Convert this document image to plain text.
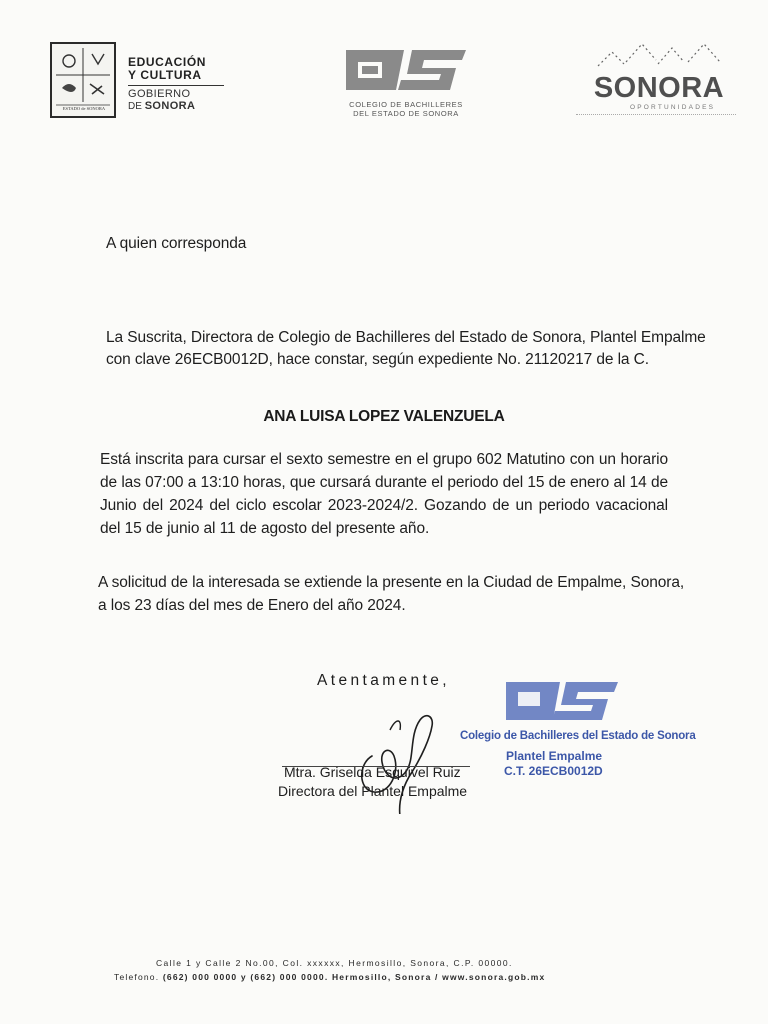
ESTADO de SONORA
EDUCACIÓN
Y CULTURA
GOBIERNO
DE SONORA	COLEGIO DE BACHILLERES
DEL ESTADO DE SONORA
SONORA
OPORTUNIDADES

A quien corresponda

La Suscrita, Directora de Colegio de Bachilleres del Estado de Sonora, Plantel Empalme
con clave 26ECB0012D, hace constar, según expediente No. 21120217 de la C.

ANA LUISA LOPEZ VALENZUELA

Está inscrita para cursar el sexto semestre en el grupo 602 Matutino con un horario de las 07:00 a 13:10 horas, que cursará durante el periodo del 15 de enero al 14 de Junio del 2024 del ciclo escolar 2023-2024/2. Gozando de un periodo vacacional del 15 de junio al 11 de agosto del presente año.

A solicitud de la interesada se extiende la presente en la Ciudad de Empalme, Sonora,
a los 23 días del mes de Enero del año 2024.

Atentamente,

Mtra. Griselda Esquivel Ruiz

Directora del Plantel Empalme

Colegio de Bachilleres del Estado de Sonora
Plantel Empalme
C.T. 26ECB0012D

Calle 1 y Calle 2 No.00, Col. xxxxxx, Hermosillo, Sonora, C.P. 00000.

Telefono. (662) 000 0000 y (662) 000 0000. Hermosillo, Sonora / www.sonora.gob.mx
